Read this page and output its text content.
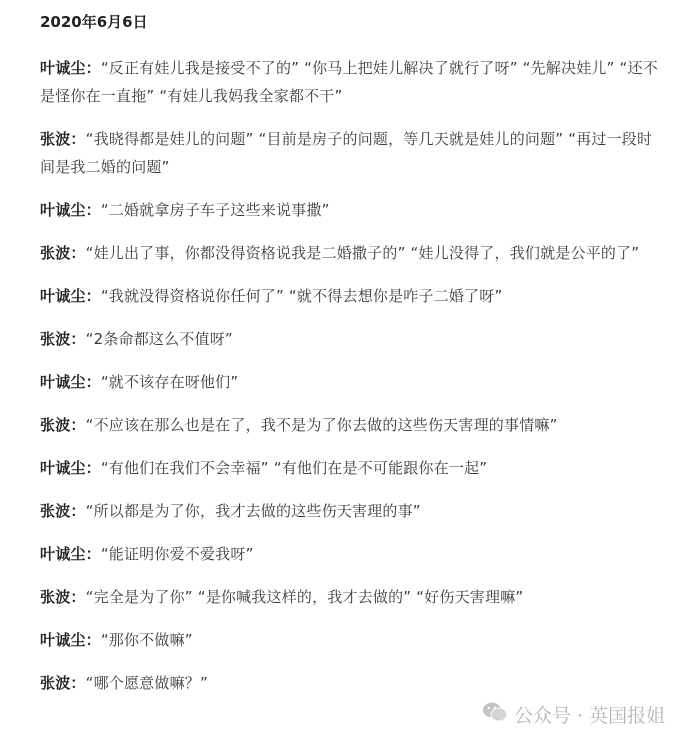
2020年6月6日
叶诚尘：“反正有娃儿我是接受不了的” “你马上把娃儿解决了就行了呀” “先解决娃儿” “还不是怪你在一直拖” “有娃儿我妈我全家都不干”
张波：“我晓得都是娃儿的问题” “目前是房子的问题，等几天就是娃儿的问题” “再过一段时间是我二婚的问题”
叶诚尘：“二婚就拿房子车子这些来说事撒”
张波：“娃儿出了事，你都没得资格说我是二婚撒子的” “娃儿没得了，我们就是公平的了”
叶诚尘：“我就没得资格说你任何了” “就不得去想你是咋子二婚了呀”
张波：“2条命都这么不值呀”
叶诚尘：“就不该存在呀他们”
张波：“不应该在那么也是在了，我不是为了你去做的这些伤天害理的事情嘛”
叶诚尘：“有他们在我们不会幸福” “有他们在是不可能跟你在一起”
张波：“所以都是为了你，我才去做的这些伤天害理的事”
叶诚尘：“能证明你爱不爱我呀”
张波：“完全是为了你” “是你喊我这样的，我才去做的” “好伤天害理嘛”
叶诚尘：“那你不做嘛”
张波：“哪个愿意做嘛？”
公众号 · 英国报姐
